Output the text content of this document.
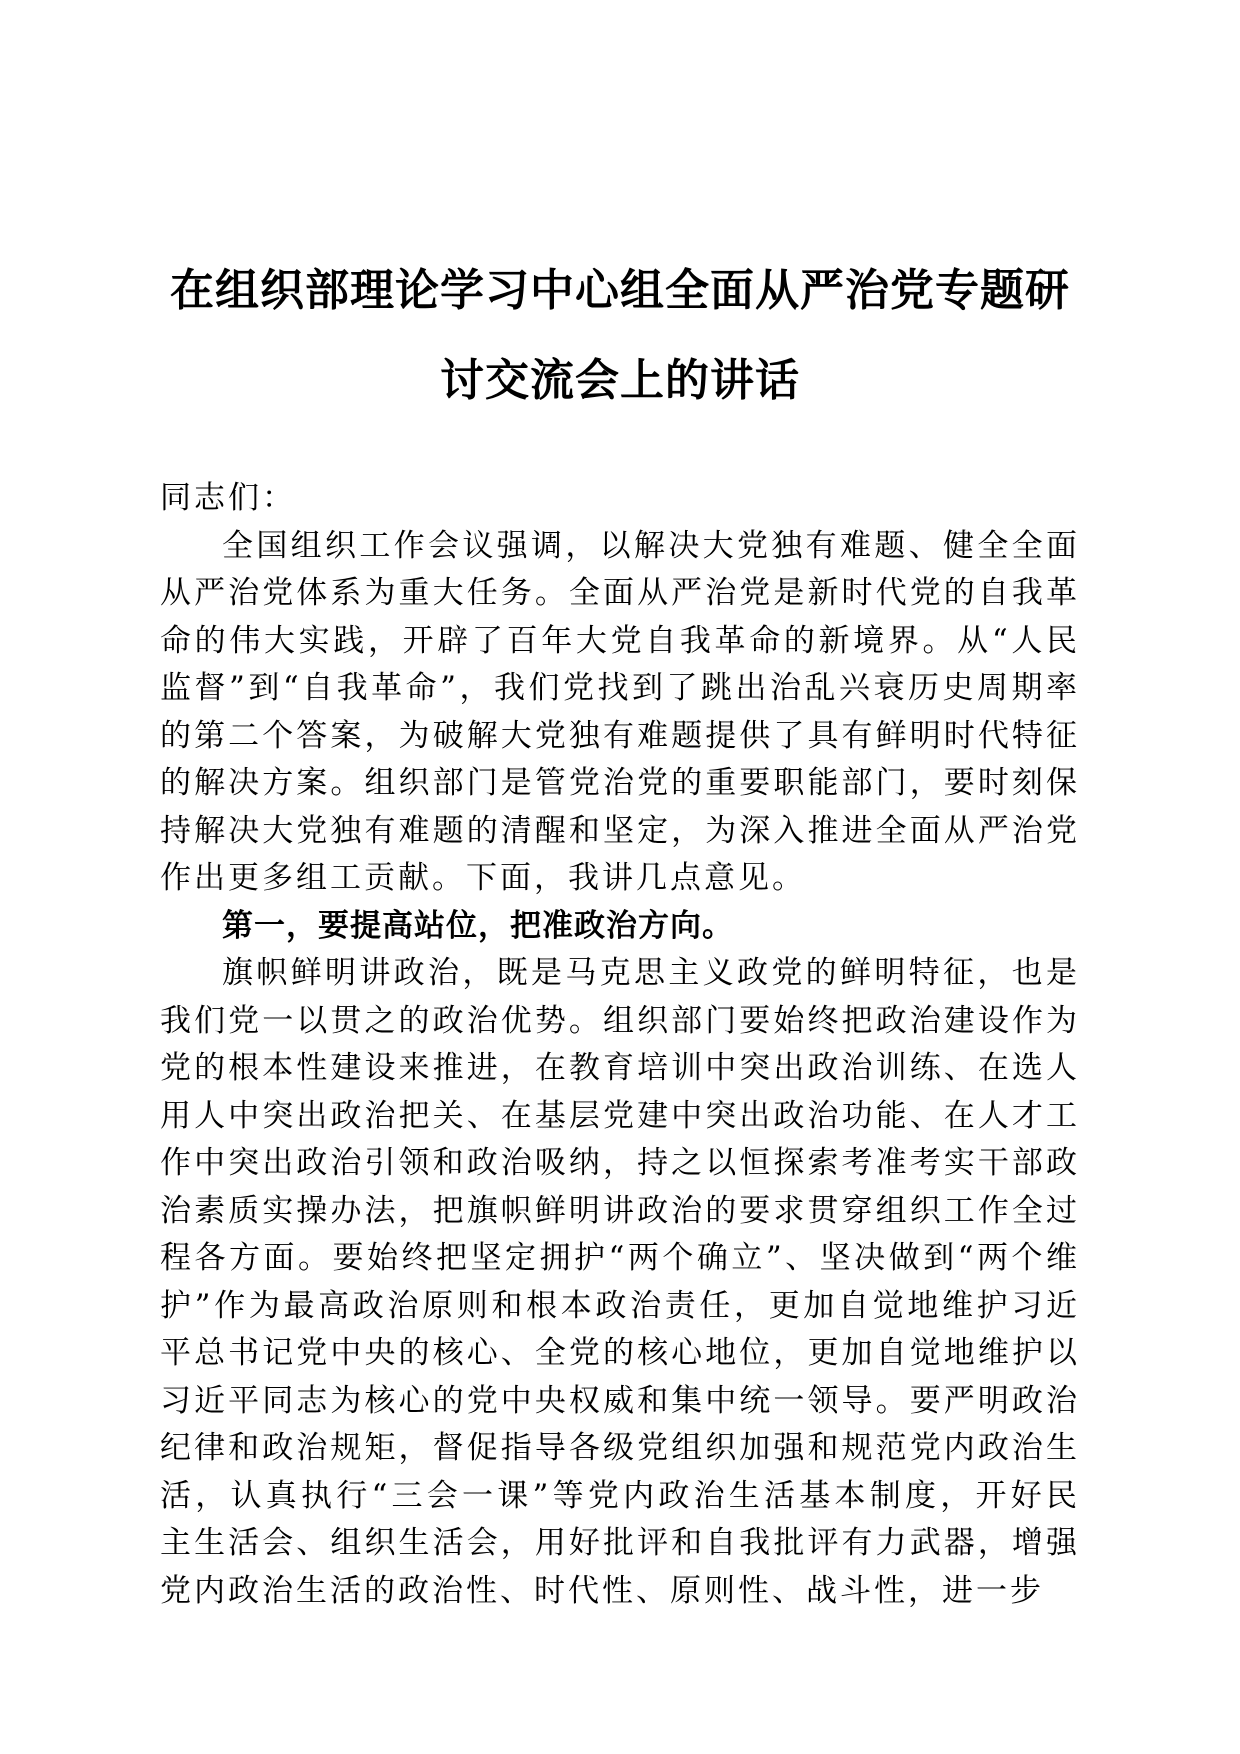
在组织部理论学习中心组全面从严治党专题研
讨交流会上的讲话

同志们：

全国组织工作会议强调，以解决大党独有难题、健全全面从严治党体系为重大任务。全面从严治党是新时代党的自我革命的伟大实践，开辟了百年大党自我革命的新境界。从“人民监督”到“自我革命”，我们党找到了跳出治乱兴衰历史周期率的第二个答案，为破解大党独有难题提供了具有鲜明时代特征的解决方案。组织部门是管党治党的重要职能部门，要时刻保持解决大党独有难题的清醒和坚定，为深入推进全面从严治党作出更多组工贡献。下面，我讲几点意见。

第一，要提高站位，把准政治方向。

旗帜鲜明讲政治，既是马克思主义政党的鲜明特征，也是我们党一以贯之的政治优势。组织部门要始终把政治建设作为党的根本性建设来推进，在教育培训中突出政治训练、在选人用人中突出政治把关、在基层党建中突出政治功能、在人才工作中突出政治引领和政治吸纳，持之以恒探索考准考实干部政治素质实操办法，把旗帜鲜明讲政治的要求贯穿组织工作全过程各方面。要始终把坚定拥护“两个确立”、坚决做到“两个维护”作为最高政治原则和根本政治责任，更加自觉地维护习近平总书记党中央的核心、全党的核心地位，更加自觉地维护以习近平同志为核心的党中央权威和集中统一领导。要严明政治纪律和政治规矩，督促指导各级党组织加强和规范党内政治生活，认真执行“三会一课”等党内政治生活基本制度，开好民主生活会、组织生活会，用好批评和自我批评有力武器，增强党内政治生活的政治性、时代性、原则性、战斗性，进一步
